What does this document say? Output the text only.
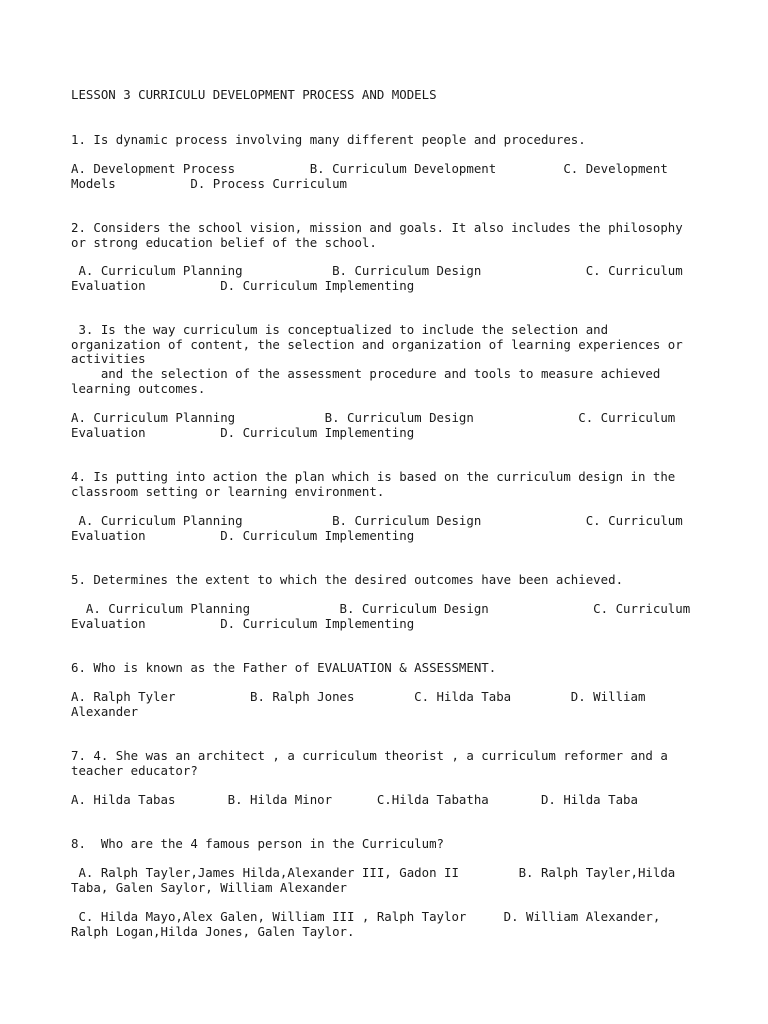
LESSON 3 CURRICULU DEVELOPMENT PROCESS AND MODELS
1. Is dynamic process involving many different people and procedures.
A. Development Process          B. Curriculum Development         C. Development
Models          D. Process Curriculum
2. Considers the school vision, mission and goals. It also includes the philosophy
or strong education belief of the school.
A. Curriculum Planning            B. Curriculum Design              C. Curriculum
Evaluation          D. Curriculum Implementing
3. Is the way curriculum is conceptualized to include the selection and
organization of content, the selection and organization of learning experiences or
activities
and the selection of the assessment procedure and tools to measure achieved
learning outcomes.
A. Curriculum Planning            B. Curriculum Design              C. Curriculum
Evaluation          D. Curriculum Implementing
4. Is putting into action the plan which is based on the curriculum design in the
classroom setting or learning environment.
A. Curriculum Planning            B. Curriculum Design              C. Curriculum
Evaluation          D. Curriculum Implementing
5. Determines the extent to which the desired outcomes have been achieved.
A. Curriculum Planning            B. Curriculum Design              C. Curriculum
Evaluation          D. Curriculum Implementing
6. Who is known as the Father of EVALUATION & ASSESSMENT.
A. Ralph Tyler          B. Ralph Jones        C. Hilda Taba        D. William
Alexander
7. 4. She was an architect , a curriculum theorist , a curriculum reformer and a
teacher educator?
A. Hilda Tabas       B. Hilda Minor      C.Hilda Tabatha       D. Hilda Taba
8.  Who are the 4 famous person in the Curriculum?
A. Ralph Tayler,James Hilda,Alexander III, Gadon II        B. Ralph Tayler,Hilda
Taba, Galen Saylor, William Alexander
C. Hilda Mayo,Alex Galen, William III , Ralph Taylor     D. William Alexander,
Ralph Logan,Hilda Jones, Galen Taylor.
